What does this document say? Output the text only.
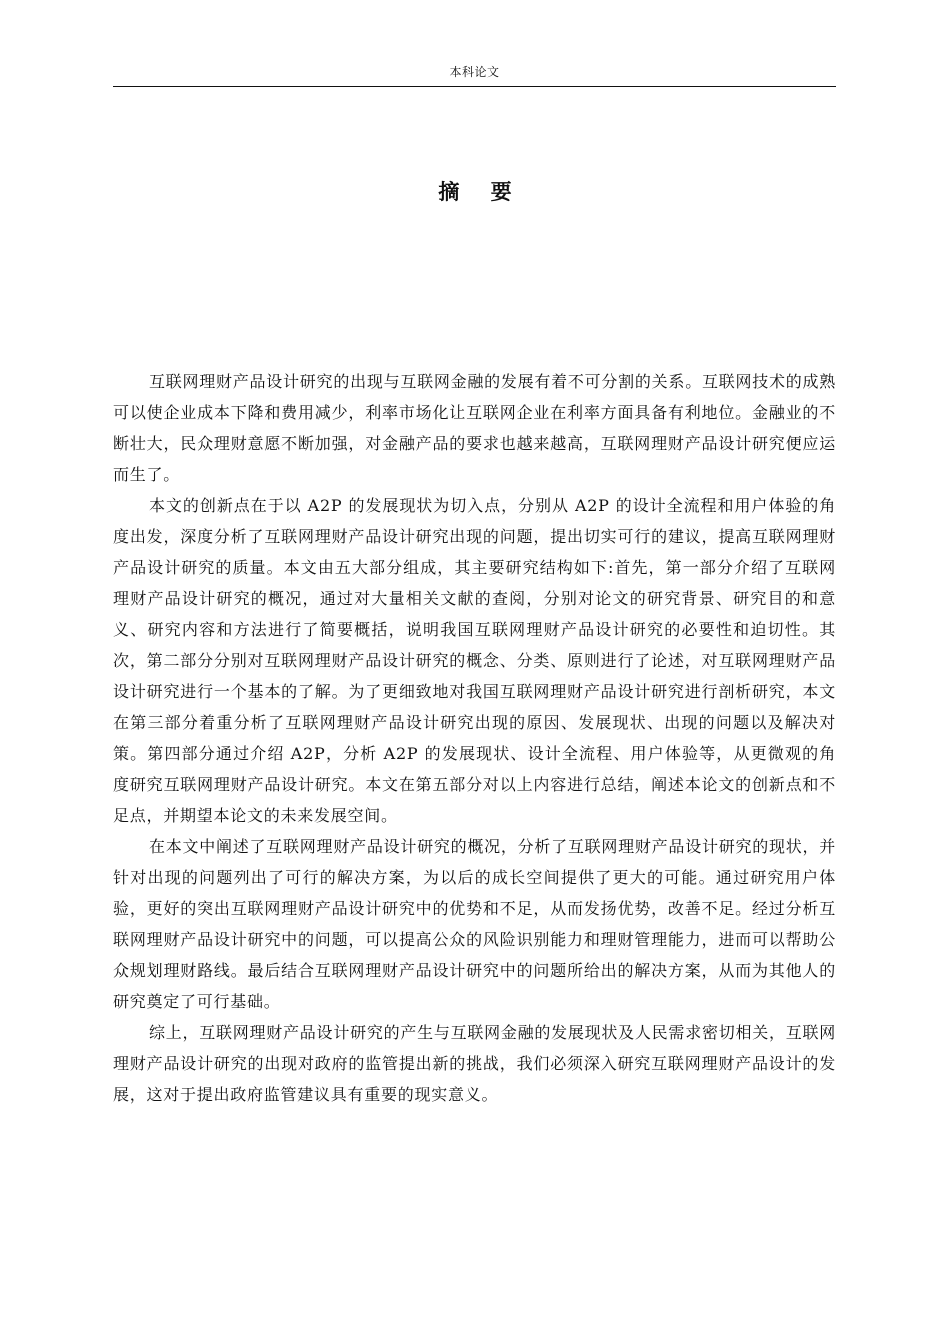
本科论文
摘 要

互联网理财产品设计研究的出现与互联网金融的发展有着不可分割的关系。互联网技术的成熟可以使企业成本下降和费用减少，利率市场化让互联网企业在利率方面具备有利地位。金融业的不断壮大，民众理财意愿不断加强，对金融产品的要求也越来越高，互联网理财产品设计研究便应运而生了。

本文的创新点在于以 A2P 的发展现状为切入点，分别从 A2P 的设计全流程和用户体验的角度出发，深度分析了互联网理财产品设计研究出现的问题，提出切实可行的建议，提高互联网理财产品设计研究的质量。本文由五大部分组成，其主要研究结构如下:首先，第一部分介绍了互联网理财产品设计研究的概况，通过对大量相关文献的查阅，分别对论文的研究背景、研究目的和意义、研究内容和方法进行了简要概括，说明我国互联网理财产品设计研究的必要性和迫切性。其次，第二部分分别对互联网理财产品设计研究的概念、分类、原则进行了论述，对互联网理财产品设计研究进行一个基本的了解。为了更细致地对我国互联网理财产品设计研究进行剖析研究，本文在第三部分着重分析了互联网理财产品设计研究出现的原因、发展现状、出现的问题以及解决对策。第四部分通过介绍 A2P，分析 A2P 的发展现状、设计全流程、用户体验等，从更微观的角度研究互联网理财产品设计研究。本文在第五部分对以上内容进行总结，阐述本论文的创新点和不足点，并期望本论文的未来发展空间。

在本文中阐述了互联网理财产品设计研究的概况，分析了互联网理财产品设计研究的现状，并针对出现的问题列出了可行的解决方案，为以后的成长空间提供了更大的可能。通过研究用户体验，更好的突出互联网理财产品设计研究中的优势和不足，从而发扬优势，改善不足。经过分析互联网理财产品设计研究中的问题，可以提高公众的风险识别能力和理财管理能力，进而可以帮助公众规划理财路线。最后结合互联网理财产品设计研究中的问题所给出的解决方案，从而为其他人的研究奠定了可行基础。

综上，互联网理财产品设计研究的产生与互联网金融的发展现状及人民需求密切相关，互联网理财产品设计研究的出现对政府的监管提出新的挑战，我们必须深入研究互联网理财产品设计的发展，这对于提出政府监管建议具有重要的现实意义。
